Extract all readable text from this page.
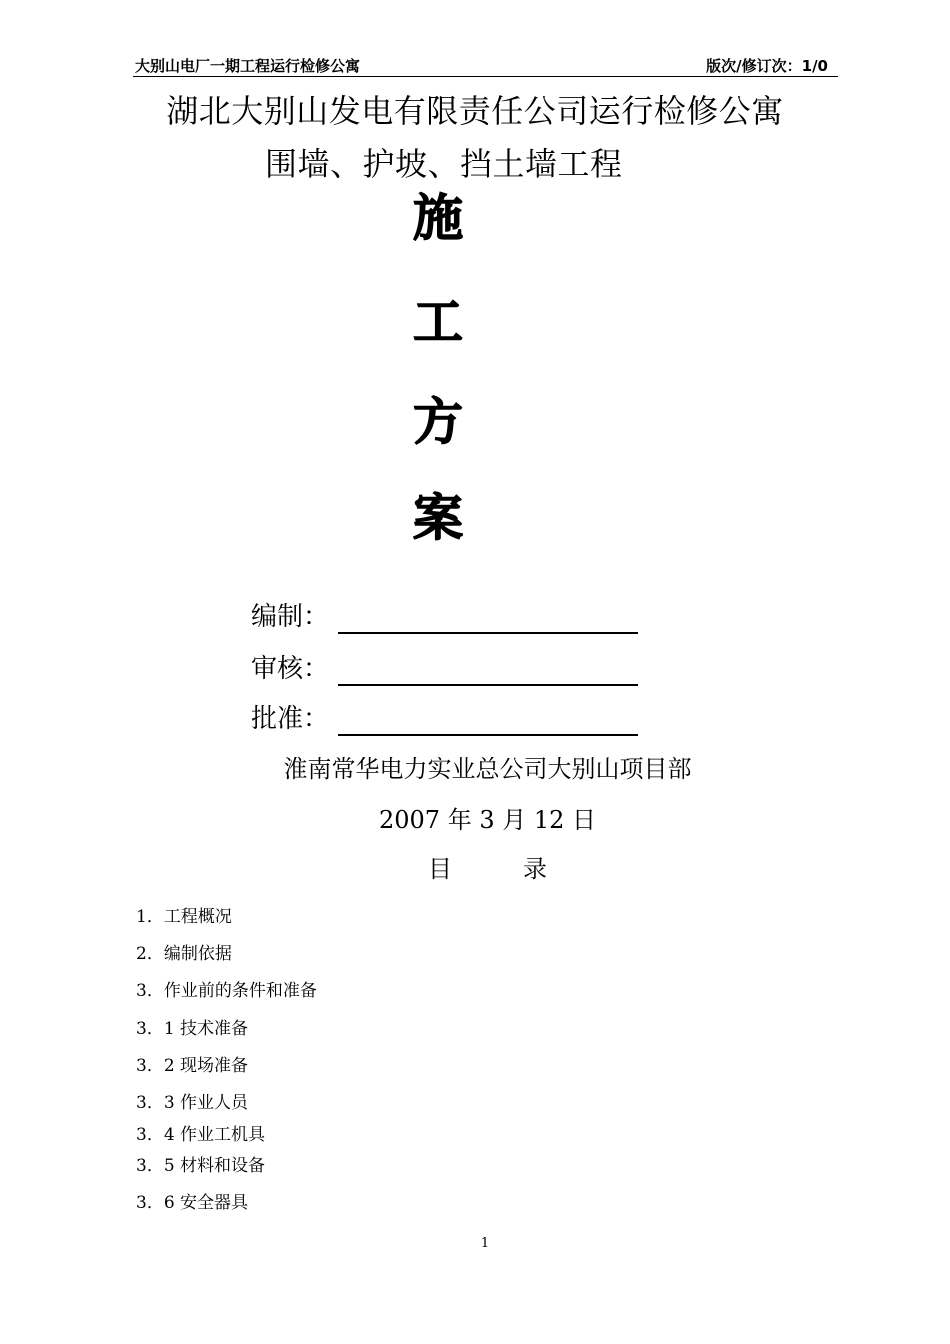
大别山电厂一期工程运行检修公寓	版次/修订次：1/0
湖北大别山发电有限责任公司运行检修公寓
围墙、护坡、挡土墙工程
施
工
方
案
编制：
审核：
批准：
淮南常华电力实业总公司大别山项目部
2007 年 3 月 12 日
目	录
1．工程概况
2．编制依据
3．作业前的条件和准备
3．1 技术准备
3．2 现场准备
3．3 作业人员
3．4 作业工机具
3．5 材料和设备
3．6 安全器具
1
